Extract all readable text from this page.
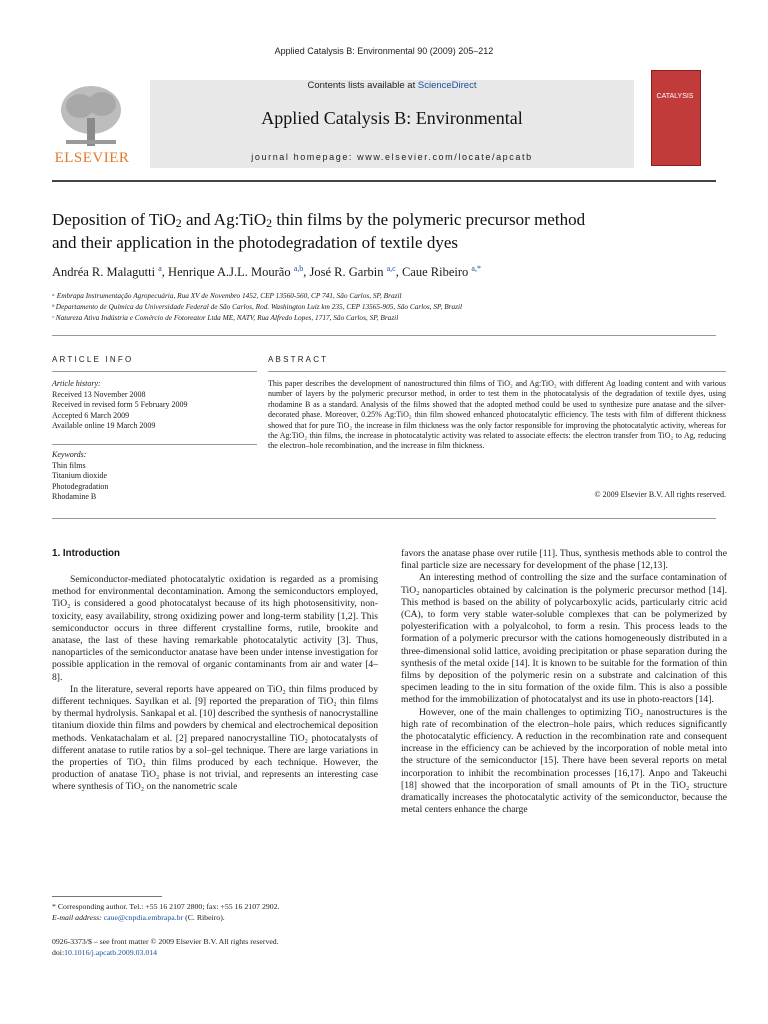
Applied Catalysis B: Environmental 90 (2009) 205–212
ELSEVIER
Contents lists available at ScienceDirect
Applied Catalysis B: Environmental
journal homepage: www.elsevier.com/locate/apcatb
CATALYSIS
Deposition of TiO$_2$ and Ag:TiO$_2$ thin films by the polymeric precursor method
and their application in the photodegradation of textile dyes
Andréa R. Malagutti $^a$, Henrique A.J.L. Mourão $^{a,b}$, José R. Garbin $^{a,c}$, Caue Ribeiro $^{a,*}$
ᵃ Embrapa Instrumentação Agropecuária, Rua XV de Novembro 1452, CEP 13560-560, CP 741, São Carlos, SP, Brazil
ᵇ Departamento de Química da Universidade Federal de São Carlos, Rod. Washington Luiz km 235, CEP 13565-905, São Carlos, SP, Brazil
ᶜ Natureza Ativa Indústria e Comércio de Fotoreator Ltda ME, NATV, Rua Alfredo Lopes, 1717, São Carlos, SP, Brazil
ARTICLE INFO
Article history:
Received 13 November 2008
Received in revised form 5 February 2009
Accepted 6 March 2009
Available online 19 March 2009
Keywords:
Thin films
Titanium dioxide
Photodegradation
Rhodamine B
ABSTRACT
This paper describes the development of nanostructured thin films of TiO₂ and Ag:TiO₂ with different Ag loading content and with various number of layers by the polymeric precursor method, in order to test them in the photocatalysis of the degradation of textile dyes, using rhodamine B as a standard. Analysis of the films showed that the adopted method could be used to synthesize pure anatase and the silver-decorated phase. Moreover, 0.25% Ag:TiO₂ thin film showed enhanced photocatalytic efficiency. The tests with film of different thickness showed that for pure TiO₂ the increase in film thickness was the only factor responsible for improving the photocatalytic activity, whereas for the Ag:TiO₂ thin films, the increase in photocatalytic activity was related to associate effects: the electron transfer from TiO₂ to Ag, reducing the electron–hole recombination, and the increase in film thickness.
© 2009 Elsevier B.V. All rights reserved.
1. Introduction

Semiconductor-mediated photocatalytic oxidation is regarded as a promising method for environmental decontamination. Among the semiconductors employed, TiO₂ is considered a good photocatalyst because of its high photosensitivity, non-toxicity, easy availability, strong oxidizing power and long-term stability [1,2]. This semiconductor occurs in three different crystalline forms, rutile, brookite and anatase, the last of these having remarkable photocatalytic activity [3]. Thus, nanoparticles of the semiconductor anatase have been under intense investigation for possible application in the removal of organic contaminants from air and water [4–8].

In the literature, several reports have appeared on TiO₂ thin films produced by different techniques. Sayılkan et al. [9] reported the preparation of TiO₂ thin films by thermal hydrolysis. Sankapal et al. [10] described the synthesis of nanocrystalline titanium dioxide thin films and powders by chemical and electrochemical deposition methods. Venkatachalam et al. [2] prepared nanocrystalline TiO₂ photocatalysts of different anatase to rutile ratios by a sol–gel technique. There are large variations in the properties of TiO₂ thin films produced by each technique. However, the production of anatase TiO₂ phase is not trivial, and represents an interesting case where synthesis of TiO₂ on the nanometric scale

favors the anatase phase over rutile [11]. Thus, synthesis methods able to control the final particle size are necessary for development of the phase [12,13].

An interesting method of controlling the size and the surface contamination of TiO₂ nanoparticles obtained by calcination is the polymeric precursor method [14]. This method is based on the ability of polycarboxylic acids, particularly citric acid (CA), to form very stable water-soluble complexes that can be polymerized by polyesterification with a polyalcohol, to form a resin. This process leads to the formation of a polymeric precursor with the cations homogeneously distributed in a three-dimensional solid lattice, avoiding precipitation or phase separation during the synthesis of the metal oxide [14]. It is known to be suitable for the formation of thin films by deposition of the polymeric resin on a substrate and calcination of this specimen leading to the in situ formation of the oxide film. This is also a possible method for the immobilization of photocatalyst and its use in photo-reactors [14].

However, one of the main challenges to optimizing TiO₂ nanostructures is the high rate of recombination of the electron–hole pairs, which reduces significantly the photocatalytic efficiency. A reduction in the recombination rate and consequent increase in the efficiency can be achieved by the incorporation of noble metal into the structure of the semiconductor [15]. There have been several reports on metal incorporation to inhibit the recombination processes [16,17]. Anpo and Takeuchi [18] showed that the incorporation of small amounts of Pt in the TiO₂ structure dramatically increases the photocatalytic activity of the semiconductor, because the metal centers enhance the charge

* Corresponding author. Tel.: +55 16 2107 2800; fax: +55 16 2107 2902.
E-mail address: caue@cnpdia.embrapa.br (C. Ribeiro).
0926-3373/$ – see front matter © 2009 Elsevier B.V. All rights reserved.
doi:10.1016/j.apcatb.2009.03.014
